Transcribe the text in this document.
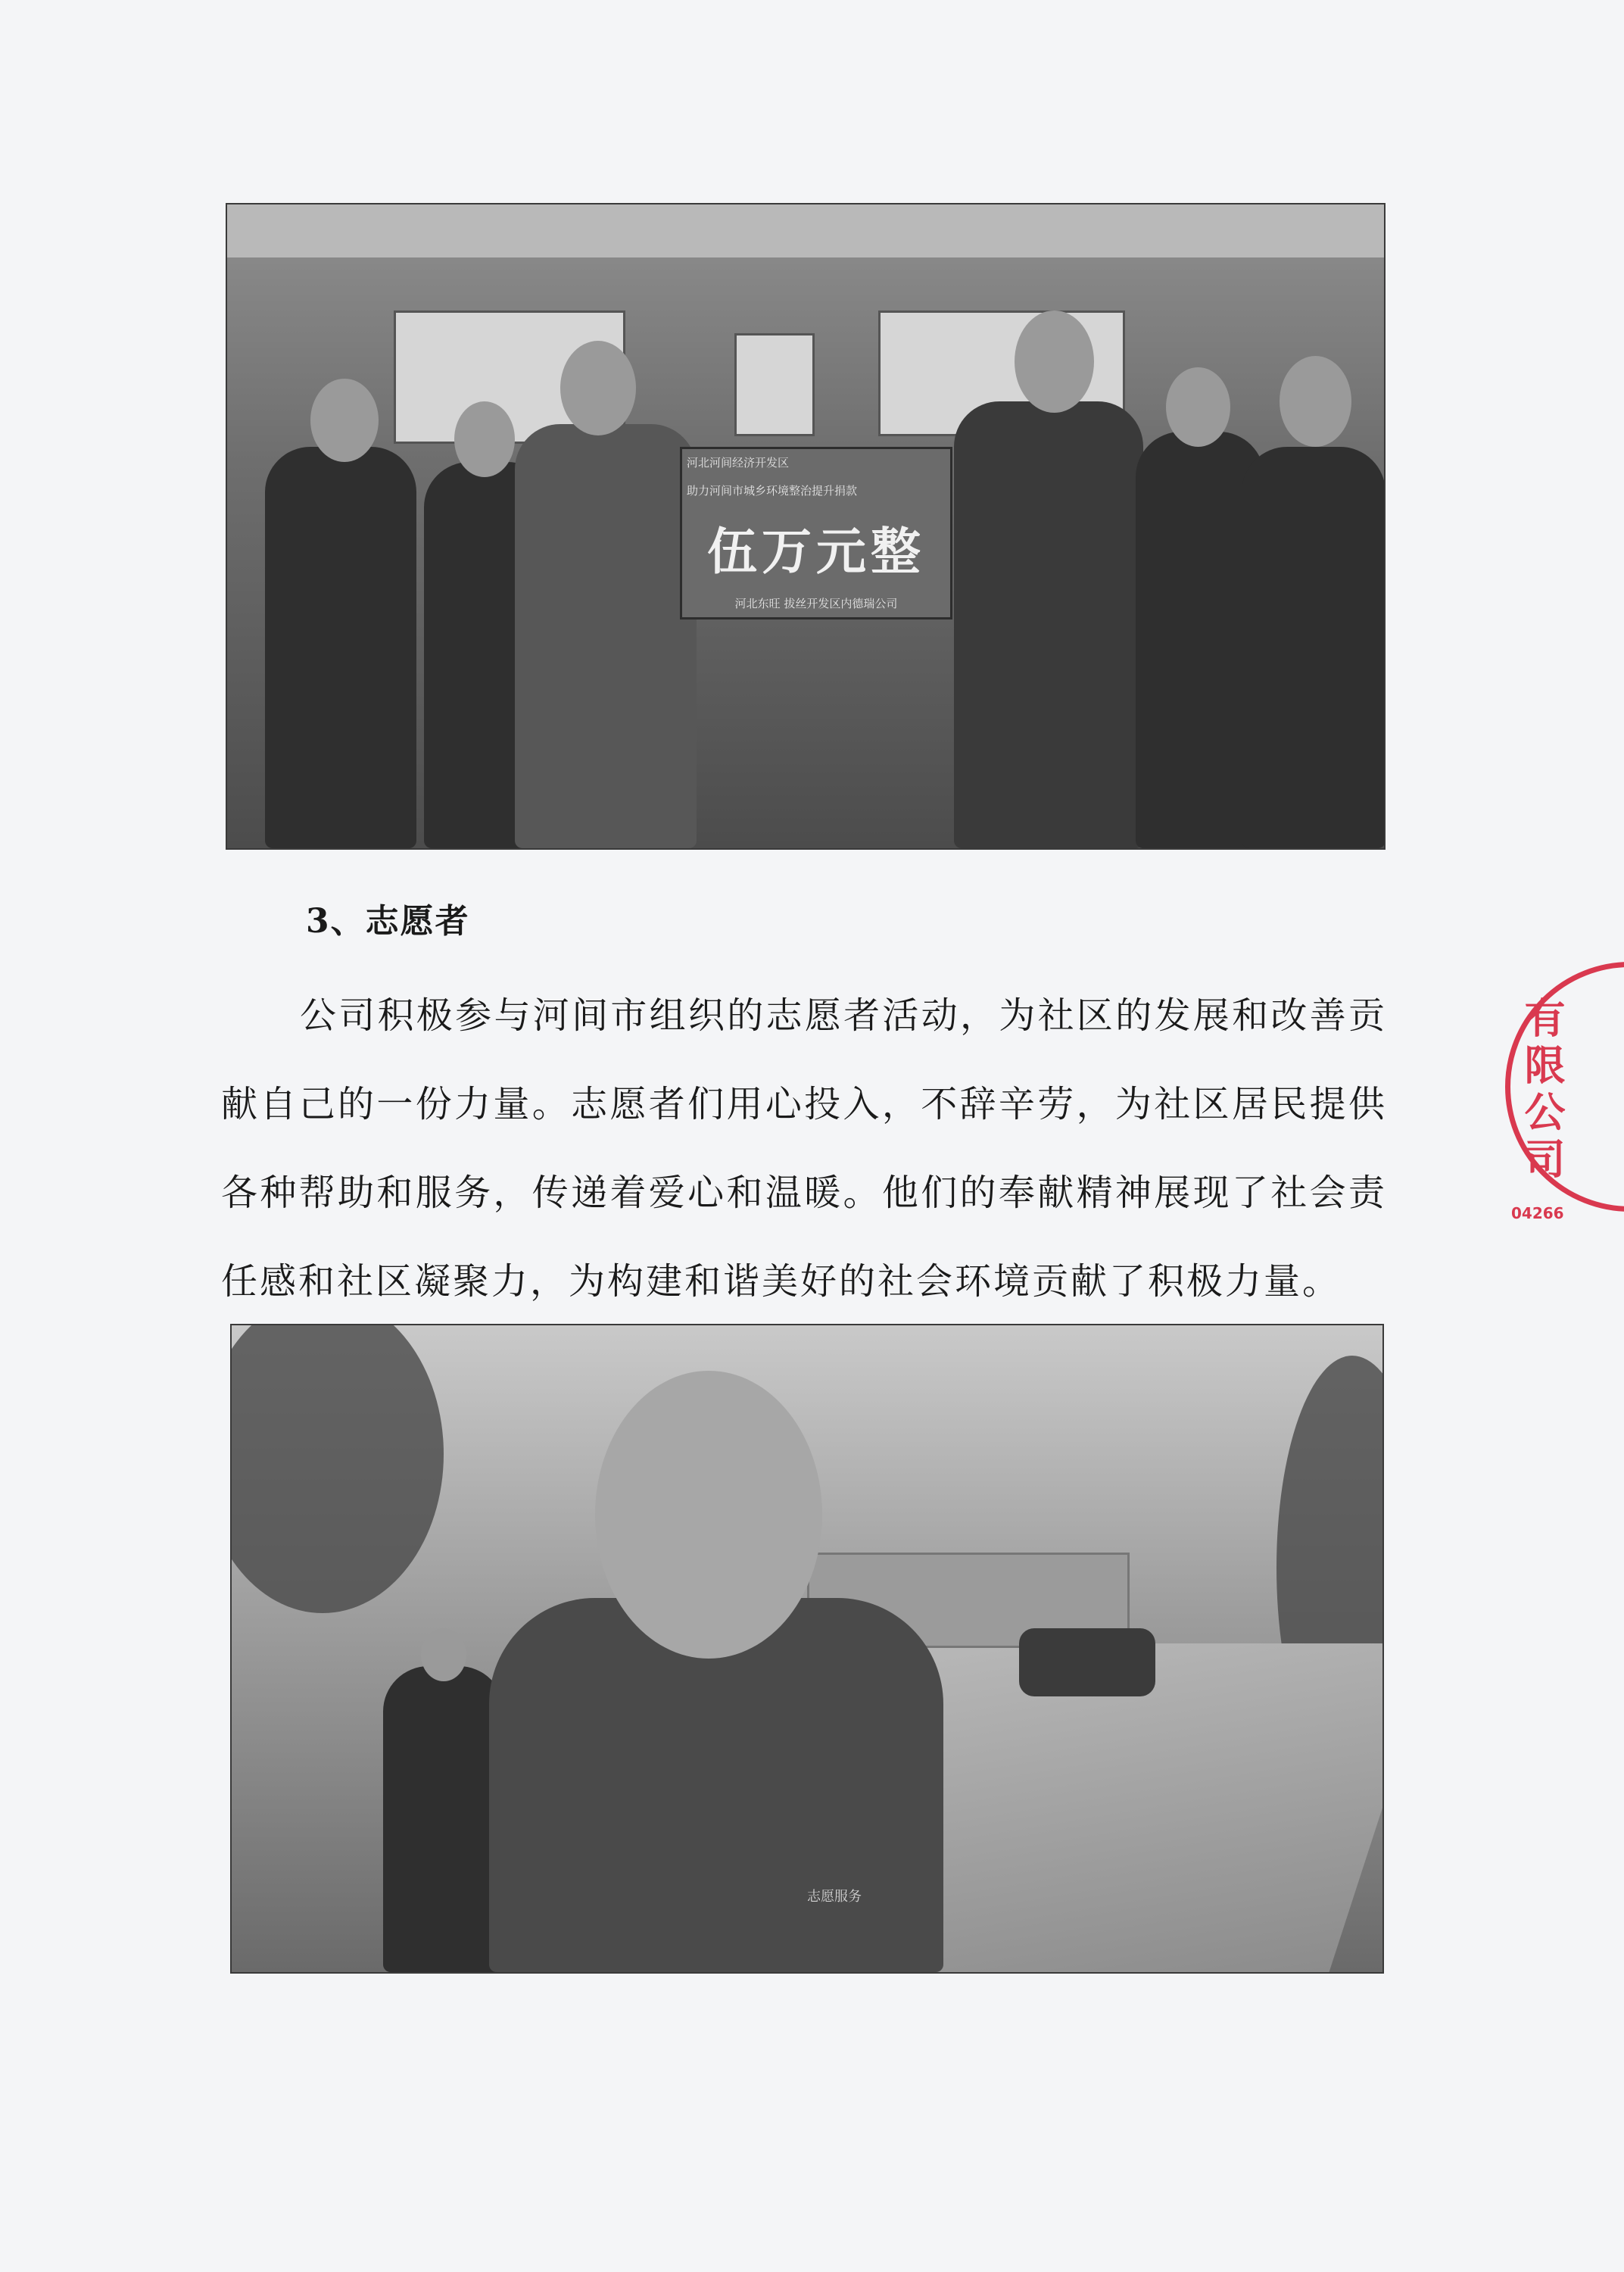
河北河间经济开发区
助力河间市城乡环境整治提升捐款
伍万元整
河北东旺 拔丝开发区内德瑞公司
3、志愿者

公司积极参与河间市组织的志愿者活动，为社区的发展和改善贡献自己的一份力量。志愿者们用心投入，不辞辛劳，为社区居民提供各种帮助和服务，传递着爱心和温暖。他们的奉献精神展现了社会责任感和社区凝聚力，为构建和谐美好的社会环境贡献了积极力量。

志愿服务
有限公司
04266
